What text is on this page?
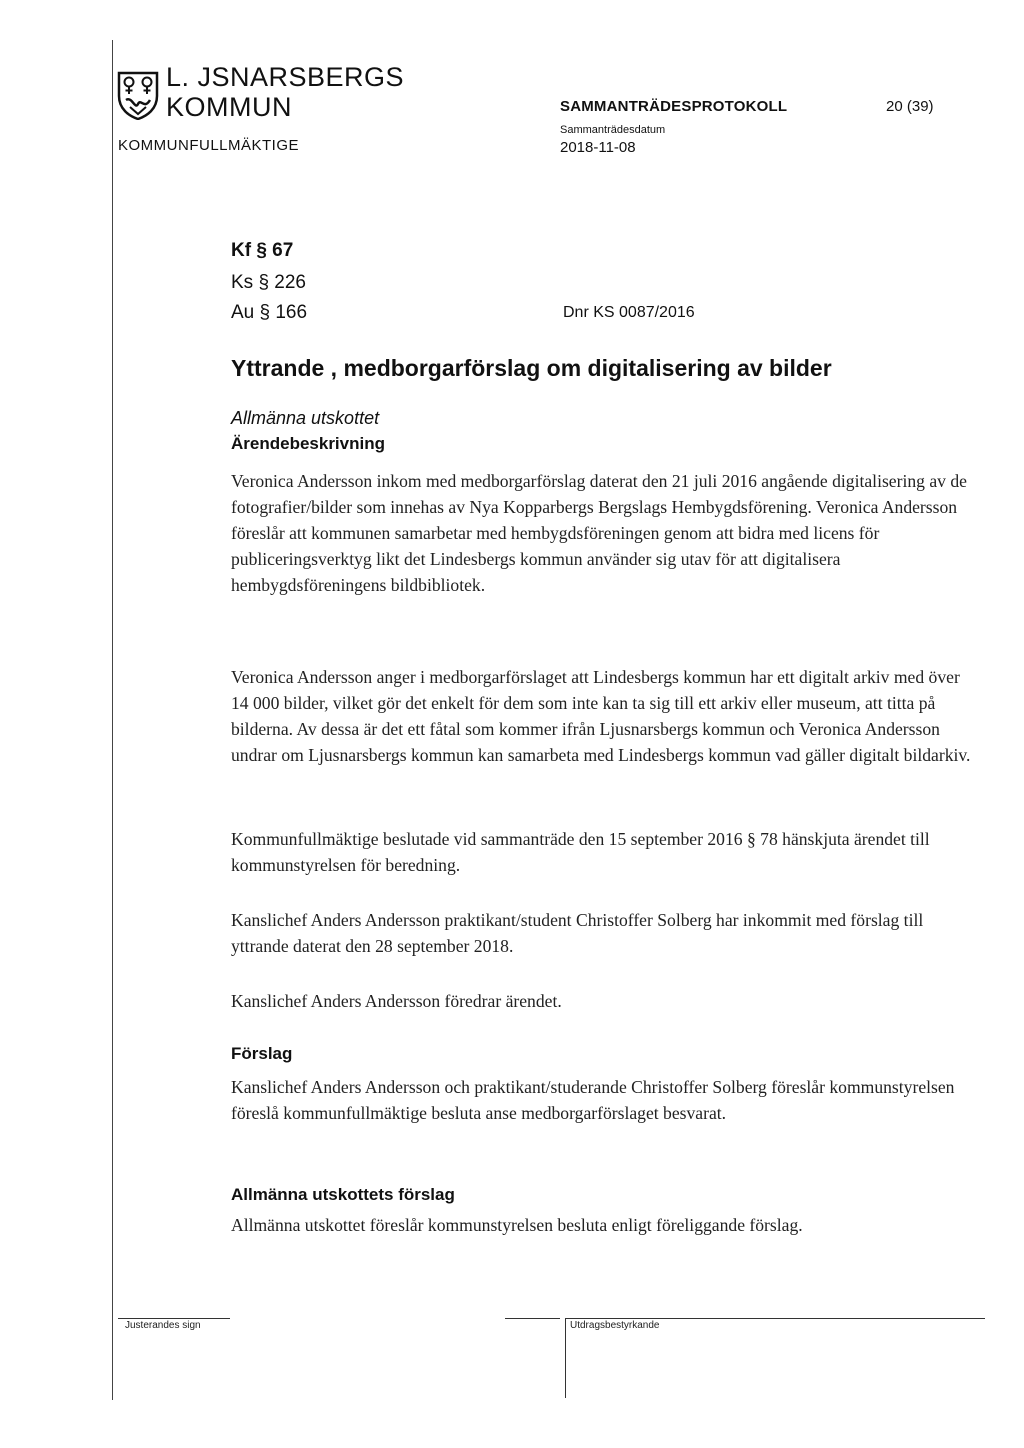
L. JSNARSBERGS
KOMMUN
KOMMUNFULLMÄKTIGE
SAMMANTRÄDESPROTOKOLL	20 (39)
Sammanträdesdatum
2018-11-08
Kf § 67
Ks § 226
Au § 166	Dnr KS 0087/2016
Yttrande , medborgarförslag om digitalisering av bilder
Allmänna utskottet
Ärendebeskrivning
Veronica Andersson inkom med medborgarförslag daterat den 21 juli 2016 angående digitalisering av de fotografier/bilder som innehas av Nya Kopparbergs Bergslags Hembygdsförening. Veronica Andersson föreslår att kommunen samarbetar med hembygdsföreningen genom att bidra med licens för publiceringsverktyg likt det Lindesbergs kommun använder sig utav för att digitalisera hembygdsföreningens bildbibliotek.
Veronica Andersson anger i medborgarförslaget att Lindesbergs kommun har ett digitalt arkiv med över 14 000 bilder, vilket gör det enkelt för dem som inte kan ta sig till ett arkiv eller museum, att titta på bilderna. Av dessa är det ett fåtal som kommer ifrån Ljusnarsbergs kommun och Veronica Andersson undrar om Ljusnarsbergs kommun kan samarbeta med Lindesbergs kommun vad gäller digitalt bildarkiv.
Kommunfullmäktige beslutade vid sammanträde den 15 september 2016 § 78 hänskjuta ärendet till kommunstyrelsen för beredning.
Kanslichef Anders Andersson praktikant/student Christoffer Solberg har inkommit med förslag till yttrande daterat den 28 september 2018.
Kanslichef Anders Andersson föredrar ärendet.
Förslag
Kanslichef Anders Andersson och praktikant/studerande Christoffer Solberg föreslår kommunstyrelsen föreslå kommunfullmäktige besluta anse medborgarförslaget besvarat.
Allmänna utskottets förslag
Allmänna utskottet föreslår kommunstyrelsen besluta enligt föreliggande förslag.
Justerandes sign	Utdragsbestyrkande
